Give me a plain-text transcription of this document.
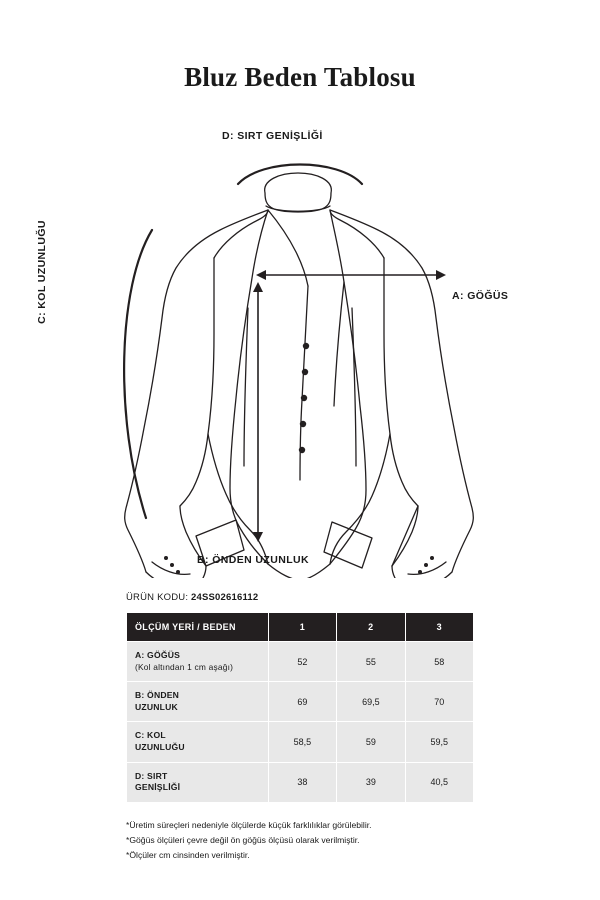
Bluz Beden Tablosu
D: SIRT GENİŞLİĞİ
A: GÖĞÜS
B: ÖNDEN UZUNLUK
C: KOL UZUNLUĞU
ÜRÜN KODU: 24SS02616112
ÖLÇÜM YERİ / BEDEN	1	2	3
A: GÖĞÜS
(Kol altından 1 cm aşağı)	52	55	58
B: ÖNDEN
UZUNLUK	69	69,5	70
C: KOL
UZUNLUĞU	58,5	59	59,5
D: SIRT
GENİŞLİĞİ	38	39	40,5
*Üretim süreçleri nedeniyle ölçülerde küçük farklılıklar görülebilir.
*Göğüs ölçüleri çevre değil ön göğüs ölçüsü olarak verilmiştir.
*Ölçüler cm cinsinden verilmiştir.
